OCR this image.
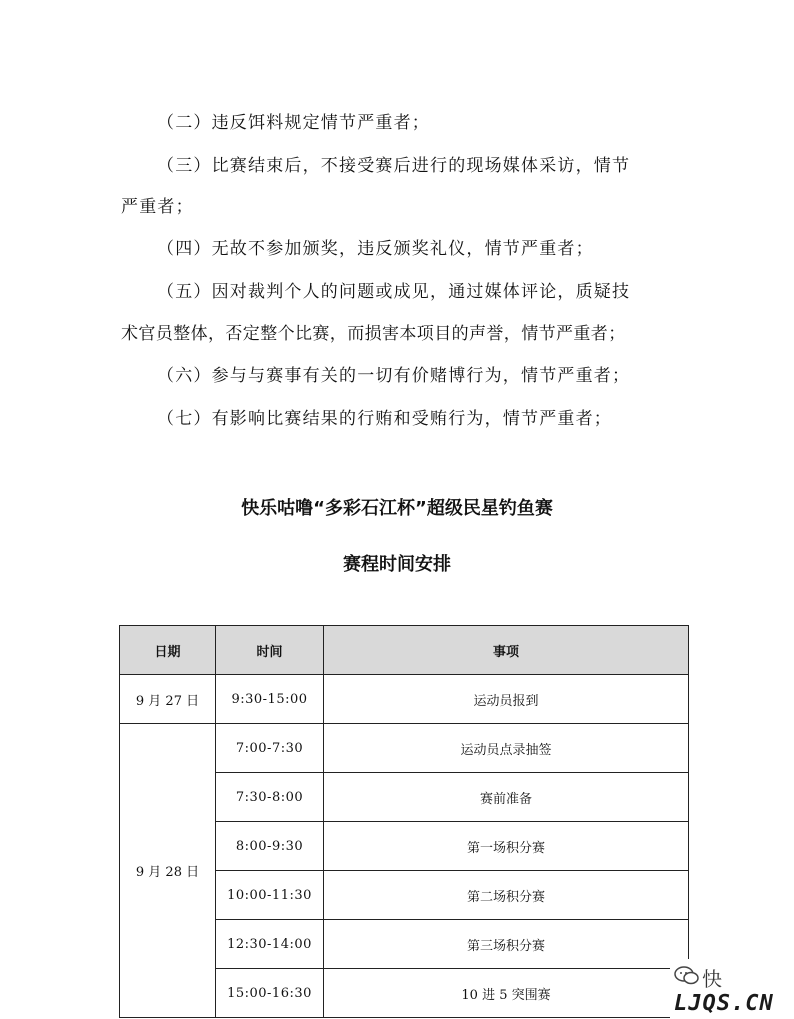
（二）违反饵料规定情节严重者；
（三）比赛结束后，不接受赛后进行的现场媒体采访，情节
严重者；
（四）无故不参加颁奖，违反颁奖礼仪，情节严重者；
（五）因对裁判个人的问题或成见，通过媒体评论，质疑技
术官员整体，否定整个比赛，而损害本项目的声誉，情节严重者；
（六）参与与赛事有关的一切有价赌博行为，情节严重者；
（七）有影响比赛结果的行贿和受贿行为，情节严重者；
快乐咕噜“多彩石江杯”超级民星钓鱼赛
赛程时间安排
日期	时间	事项
9 月 27 日	9:30-15:00	运动员报到
9 月 28 日	7:00-7:30	运动员点录抽签
	7:30-8:00	赛前准备
	8:00-9:30	第一场积分赛
	10:00-11:30	第二场积分赛
	12:30-14:00	第三场积分赛
	15:00-16:30	10 进 5 突围赛
快
LJQS.CN
